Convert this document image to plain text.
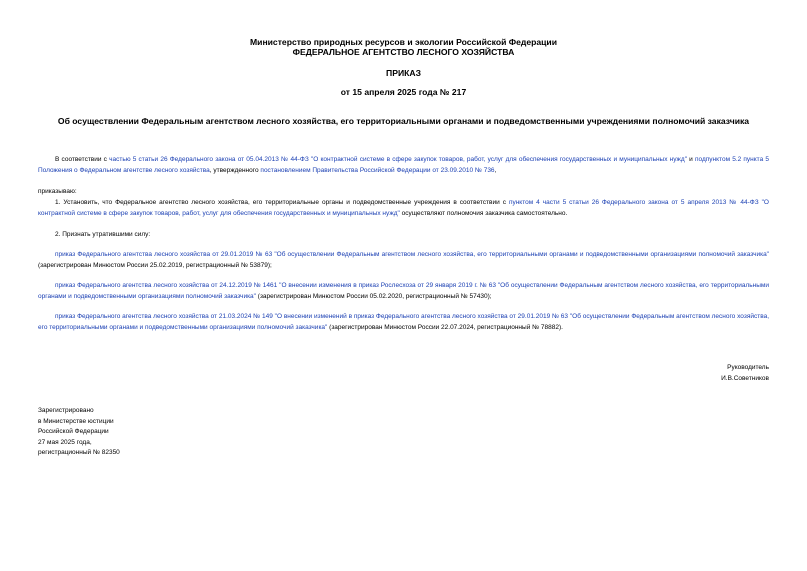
Министерство природных ресурсов и экологии Российской Федерации
ФЕДЕРАЛЬНОЕ АГЕНТСТВО ЛЕСНОГО ХОЗЯЙСТВА
ПРИКАЗ
от 15 апреля 2025 года № 217
Об осуществлении Федеральным агентством лесного хозяйства, его территориальными органами и подведомственными учреждениями полномочий заказчика
В соответствии с частью 5 статьи 26 Федерального закона от 05.04.2013 № 44-ФЗ "О контрактной системе в сфере закупок товаров, работ, услуг для обеспечения государственных и муниципальных нужд" и подпунктом 5.2 пункта 5 Положения о Федеральном агентстве лесного хозяйства, утвержденного постановлением Правительства Российской Федерации от 23.09.2010 № 736,
приказываю:
1. Установить, что Федеральное агентство лесного хозяйства, его территориальные органы и подведомственные учреждения в соответствии с пунктом 4 части 5 статьи 26 Федерального закона от 5 апреля 2013 № 44-ФЗ "О контрактной системе в сфере закупок товаров, работ, услуг для обеспечения государственных и муниципальных нужд" осуществляют полномочия заказчика самостоятельно.
2. Признать утратившими силу:
приказ Федерального агентства лесного хозяйства от 29.01.2019 № 63 "Об осуществлении Федеральным агентством лесного хозяйства, его территориальными органами и подведомственными организациями полномочий заказчика" (зарегистрирован Минюстом России 25.02.2019, регистрационный № 53879);
приказ Федерального агентства лесного хозяйства от 24.12.2019 № 1461 "О внесении изменения в приказ Рослесхоза от 29 января 2019 г. № 63 "Об осуществлении Федеральным агентством лесного хозяйства, его территориальными органами и подведомственными организациями полномочий заказчика" (зарегистрирован Минюстом России 05.02.2020, регистрационный № 57430);
приказ Федерального агентства лесного хозяйства от 21.03.2024 № 149 "О внесении изменений в приказ Федерального агентства лесного хозяйства от 29.01.2019 № 63 "Об осуществлении Федеральным агентством лесного хозяйства, его территориальными органами и подведомственными организациями полномочий заказчика" (зарегистрирован Минюстом России 22.07.2024, регистрационный № 78882).
Руководитель
И.В.Советников
Зарегистрировано
в Министерстве юстиции
Российской Федерации
27 мая 2025 года,
регистрационный № 82350
